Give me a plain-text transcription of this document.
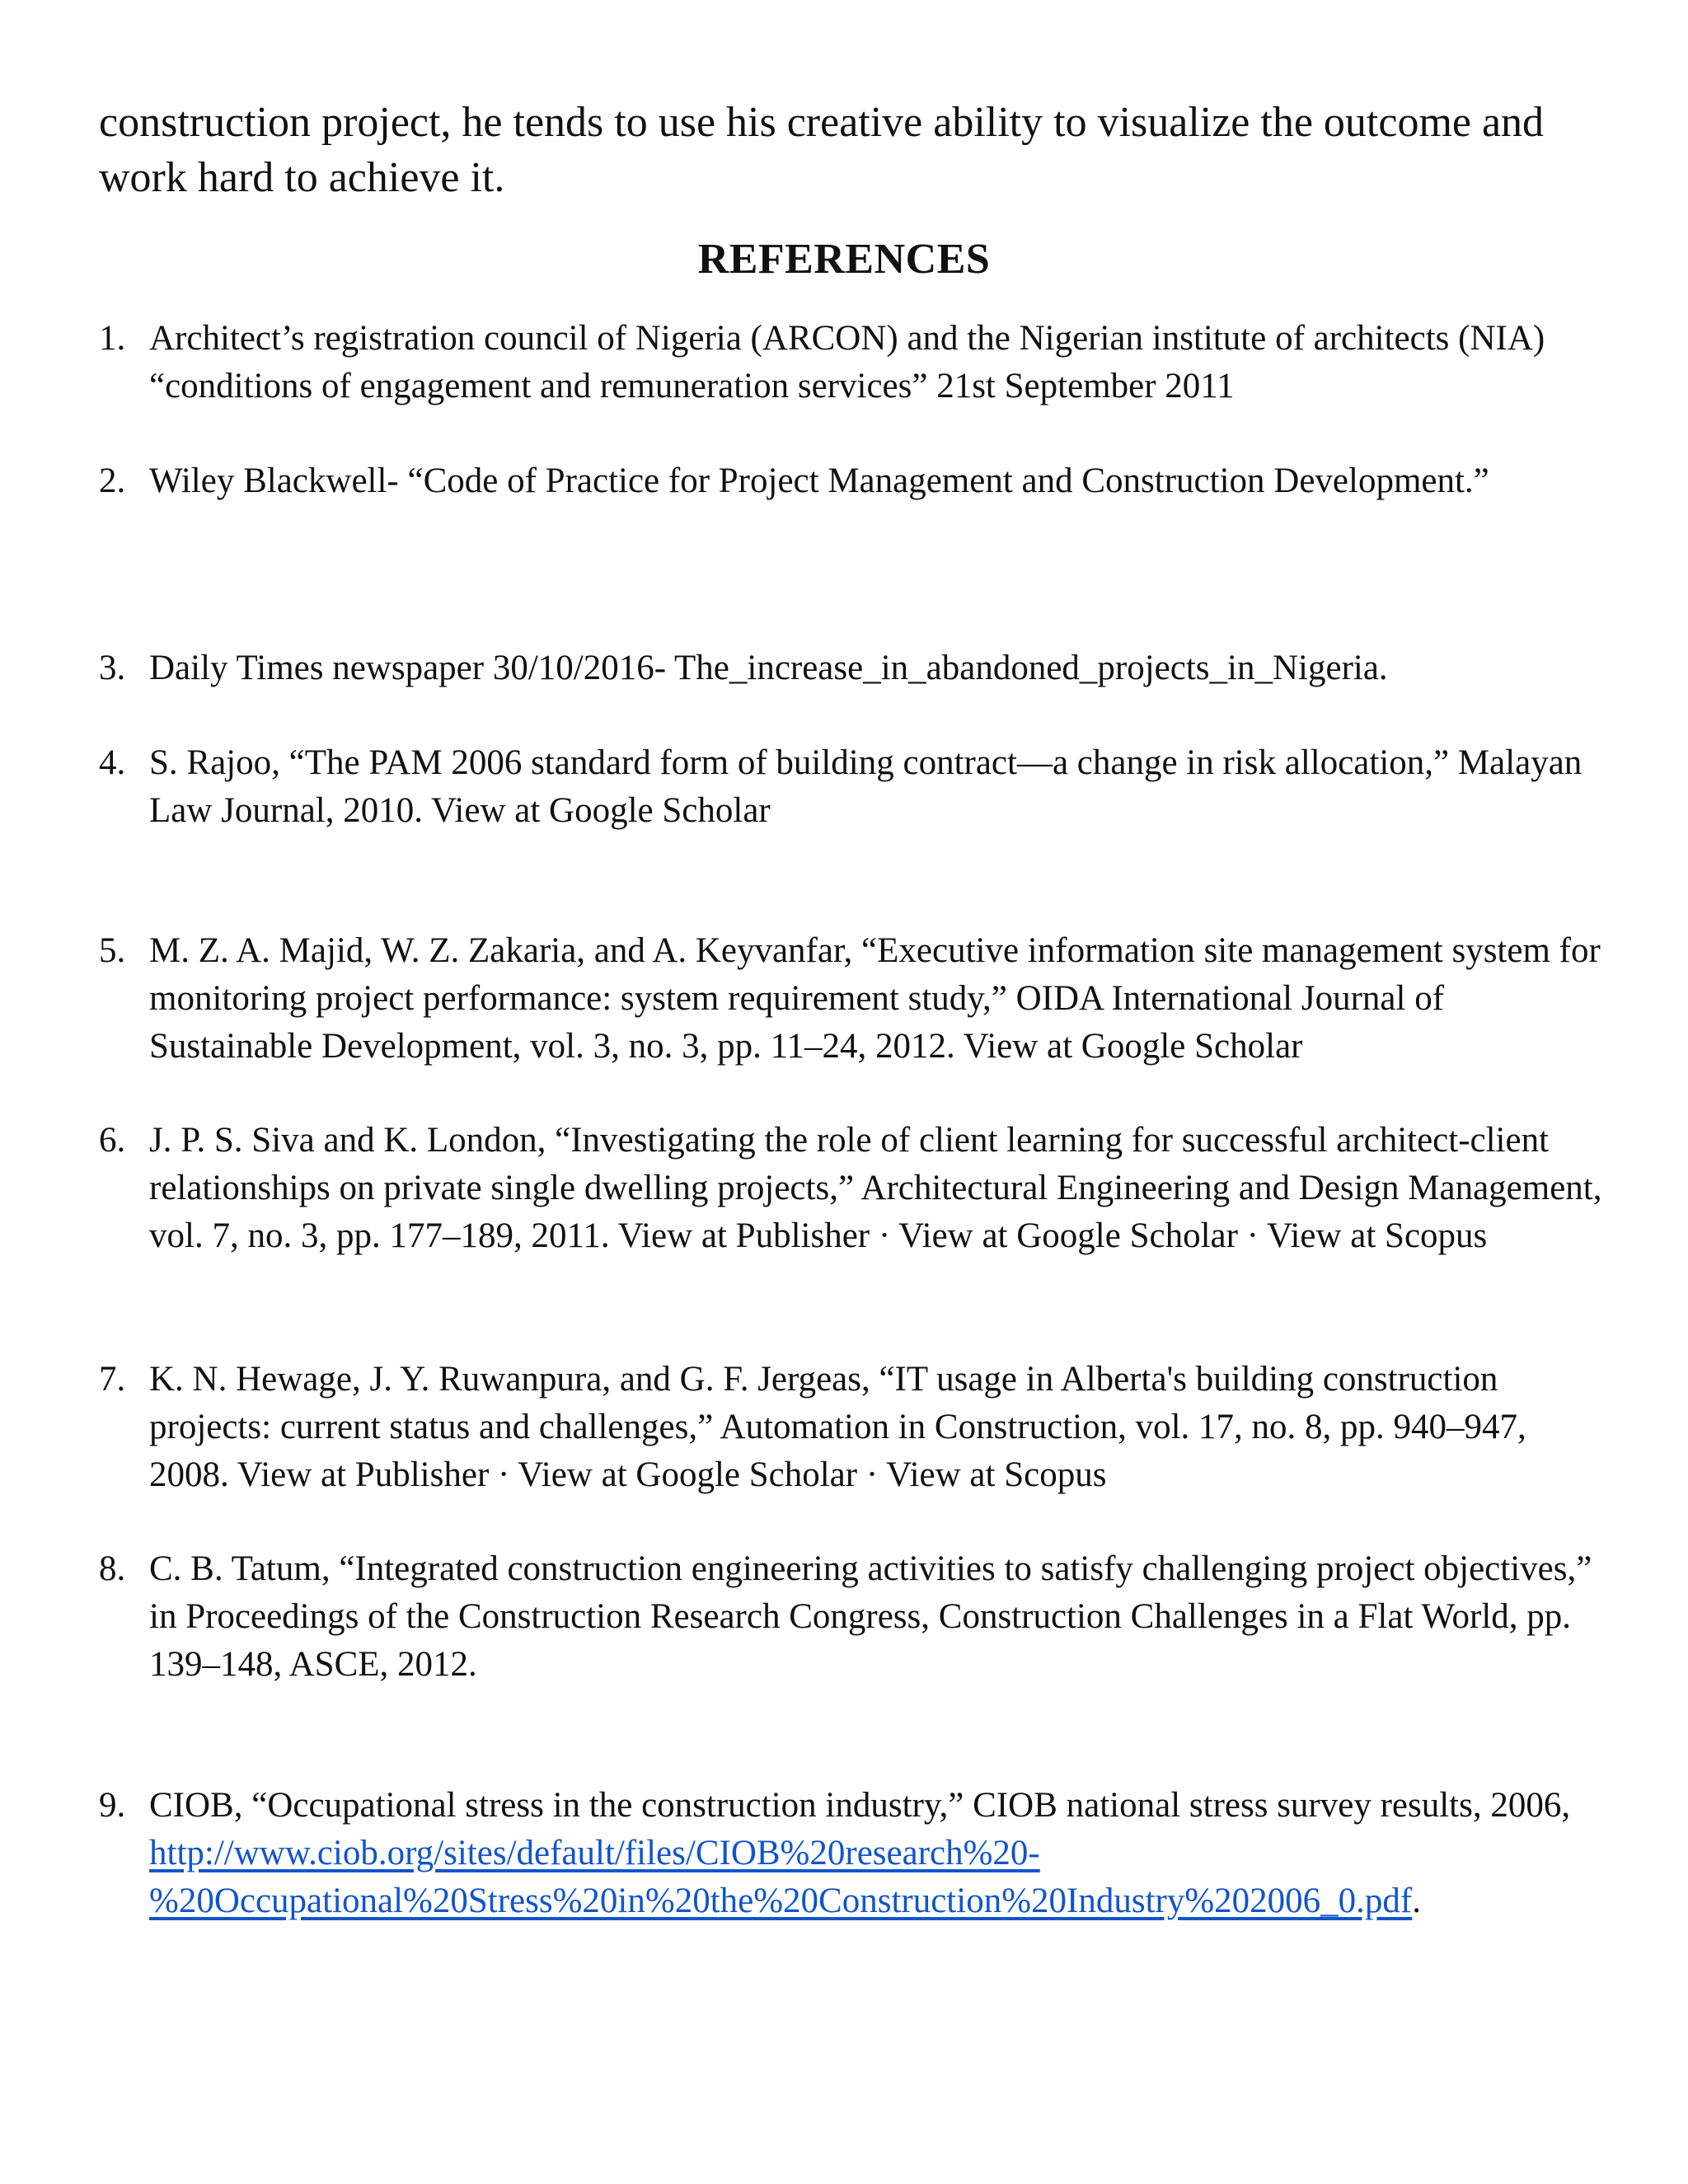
construction project, he tends to use his creative ability to visualize the outcome and work hard to achieve it.

REFERENCES
1. Architect’s registration council of Nigeria (ARCON) and the Nigerian institute of architects (NIA) “conditions of engagement and remuneration services” 21st September 2011
2. Wiley Blackwell- “Code of Practice for Project Management and Construction Development.”
3. Daily Times newspaper 30/10/2016- The_increase_in_abandoned_projects_in_Nigeria.
4. S. Rajoo, “The PAM 2006 standard form of building contract—a change in risk allocation,” Malayan Law Journal, 2010. View at Google Scholar
5. M. Z. A. Majid, W. Z. Zakaria, and A. Keyvanfar, “Executive information site management system for monitoring project performance: system requirement study,” OIDA International Journal of Sustainable Development, vol. 3, no. 3, pp. 11–24, 2012. View at Google Scholar
6. J. P. S. Siva and K. London, “Investigating the role of client learning for successful architect-client relationships on private single dwelling projects,” Architectural Engineering and Design Management, vol. 7, no. 3, pp. 177–189, 2011. View at Publisher · View at Google Scholar · View at Scopus
7. K. N. Hewage, J. Y. Ruwanpura, and G. F. Jergeas, “IT usage in Alberta's building construction projects: current status and challenges,” Automation in Construction, vol. 17, no. 8, pp. 940–947, 2008. View at Publisher · View at Google Scholar · View at Scopus
8. C. B. Tatum, “Integrated construction engineering activities to satisfy challenging project objectives,” in Proceedings of the Construction Research Congress, Construction Challenges in a Flat World, pp. 139–148, ASCE, 2012.
9. CIOB, “Occupational stress in the construction industry,” CIOB national stress survey results, 2006, http://www.ciob.org/sites/default/files/CIOB%20research%20-%20Occupational%20Stress%20in%20the%20Construction%20Industry%202006_0.pdf.
